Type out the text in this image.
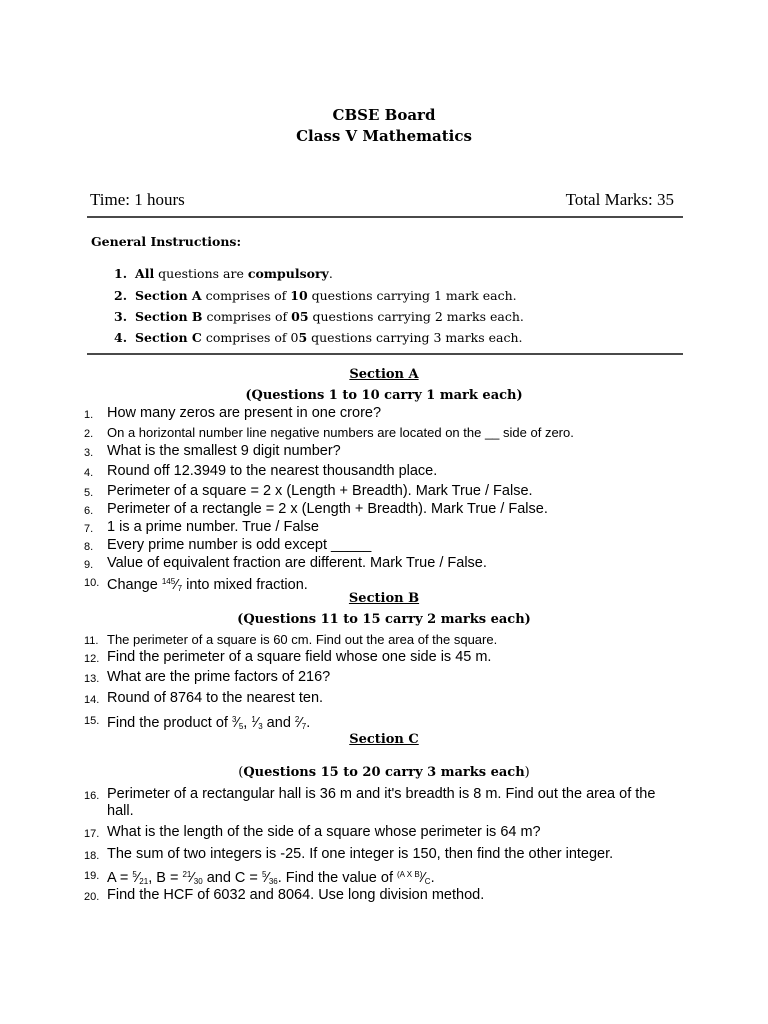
CBSE Board
Class V Mathematics
Time: 1 hours	Total Marks: 35
General Instructions:
1. All questions are compulsory.
2. Section A comprises of 10 questions carrying 1 mark each.
3. Section B comprises of 05 questions carrying 2 marks each.
4. Section C comprises of 05 questions carrying 3 marks each.
Section A
(Questions 1 to 10 carry 1 mark each)
1. How many zeros are present in one crore?
2.	On a horizontal number line negative numbers are located on the __ side of zero.
3. What is the smallest 9 digit number?
4. Round off 12.3949 to the nearest thousandth place.
5. Perimeter of a square = 2 x (Length + Breadth). Mark True / False.
6. Perimeter of a rectangle = 2 x (Length + Breadth). Mark True / False.
7. 1 is a prime number. True / False
8. Every prime number is odd except _____
9. Value of equivalent fraction are different. Mark True / False.
10. Change $^{145}⁄_7$ into mixed fraction.
Section B
(Questions 11 to 15 carry 2 marks each)
11. The perimeter of a square is 60 cm. Find out the area of the square.
12. Find the perimeter of a square field whose one side is 45 m.
13. What are the prime factors of 216?
14. Round of 8764 to the nearest ten.
15. Find the product of $^3⁄_5$, $^1⁄_3$ and $^2⁄_7$.
Section C
(Questions 15 to 20 carry 3 marks each)
16. Perimeter of a rectangular hall is 36 m and it's breadth is 8 m. Find out the area of the hall.
17. What is the length of the side of a square whose perimeter is 64 m?
18. The sum of two integers is -25. If one integer is 150, then find the other integer.
19. $A = ^5⁄_{21}$, $B = ^{21}⁄_{30}$ and $C = ^5⁄_{36}$. Find the value of $^{(A X B)}⁄_C$.
20. Find the HCF of 6032 and 8064. Use long division method.
